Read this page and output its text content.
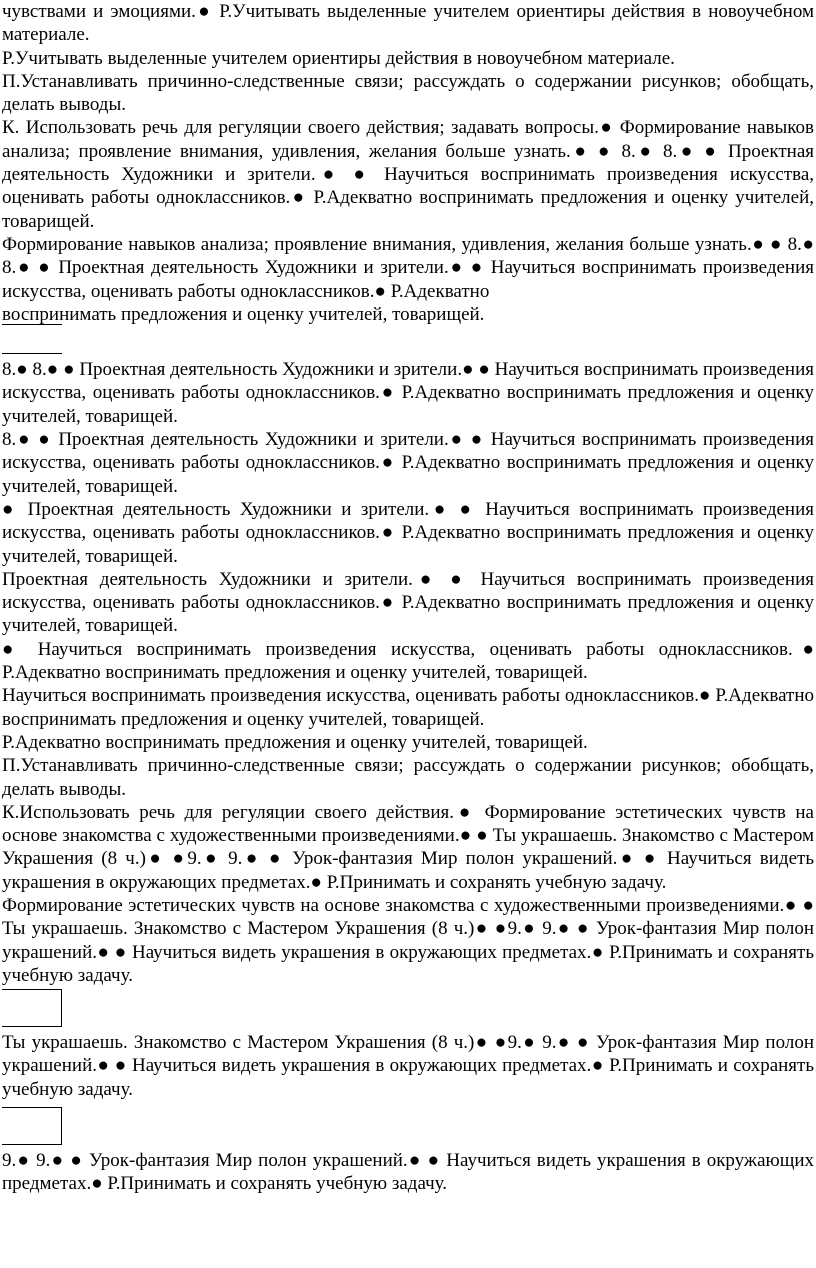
чувствами и эмоциями.● Р.Учитывать выделенные учителем ориентиры действия в новоучебном материале.

Р.Учитывать выделенные учителем ориентиры действия в новоучебном материале.

П.Устанавливать причинно-следственные связи; рассуждать о содержании рисунков; обобщать, делать выводы.

К. Использовать речь для регуляции своего действия; задавать вопросы.● Формирование навыков анализа; проявление внимания, удивления, желания больше узнать.● ● 8.● 8.● ● Проектная деятельность Художники и зрители.● ● Научиться воспринимать произведения искусства, оценивать работы одноклассников.● Р.Адекватно воспринимать предложения и оценку учителей, товарищей.

Формирование навыков анализа; проявление внимания, удивления, желания больше узнать.● ● 8.● 8.● ● Проектная деятельность Художники и зрители.● ● Научиться воспринимать произведения искусства, оценивать работы одноклассников.● Р.Адекватно

воспринимать предложения и оценку учителей, товарищей.

8.● 8.● ● Проектная деятельность Художники и зрители.● ● Научиться воспринимать произведения искусства, оценивать работы одноклассников.● Р.Адекватно воспринимать предложения и оценку учителей, товарищей.

8.● ● Проектная деятельность Художники и зрители.● ● Научиться воспринимать произведения искусства, оценивать работы одноклассников.● Р.Адекватно воспринимать предложения и оценку учителей, товарищей.

● Проектная деятельность Художники и зрители.● ● Научиться воспринимать произведения искусства, оценивать работы одноклассников.● Р.Адекватно воспринимать предложения и оценку учителей, товарищей.

Проектная деятельность Художники и зрители.● ● Научиться воспринимать произведения искусства, оценивать работы одноклассников.● Р.Адекватно воспринимать предложения и оценку учителей, товарищей.

● Научиться воспринимать произведения искусства, оценивать работы одноклассников.● Р.Адекватно воспринимать предложения и оценку учителей, товарищей.

Научиться воспринимать произведения искусства, оценивать работы одноклассников.● Р.Адекватно воспринимать предложения и оценку учителей, товарищей.

Р.Адекватно воспринимать предложения и оценку учителей, товарищей.

П.Устанавливать причинно-следственные связи; рассуждать о содержании рисунков; обобщать, делать выводы.

К.Использовать речь для регуляции своего действия.● Формирование эстетических чувств на основе знакомства с художественными произведениями.● ● Ты украшаешь. Знакомство с Мастером Украшения (8 ч.)● ●9.● 9.● ● Урок-фантазия Мир полон украшений.● ● Научиться видеть украшения в окружающих предметах.● Р.Принимать и сохранять учебную задачу.

Формирование эстетических чувств на основе знакомства с художественными произведениями.● ● Ты украшаешь. Знакомство с Мастером Украшения (8 ч.)● ●9.● 9.● ● Урок-фантазия Мир полон украшений.● ● Научиться видеть украшения в окружающих предметах.● Р.Принимать и сохранять учебную задачу.

Ты украшаешь. Знакомство с Мастером Украшения (8 ч.)● ●9.● 9.● ● Урок-фантазия Мир полон украшений.● ● Научиться видеть украшения в окружающих предметах.● Р.Принимать и сохранять учебную задачу.

9.● 9.● ● Урок-фантазия Мир полон украшений.● ● Научиться видеть украшения в окружающих предметах.● Р.Принимать и сохранять учебную задачу.
